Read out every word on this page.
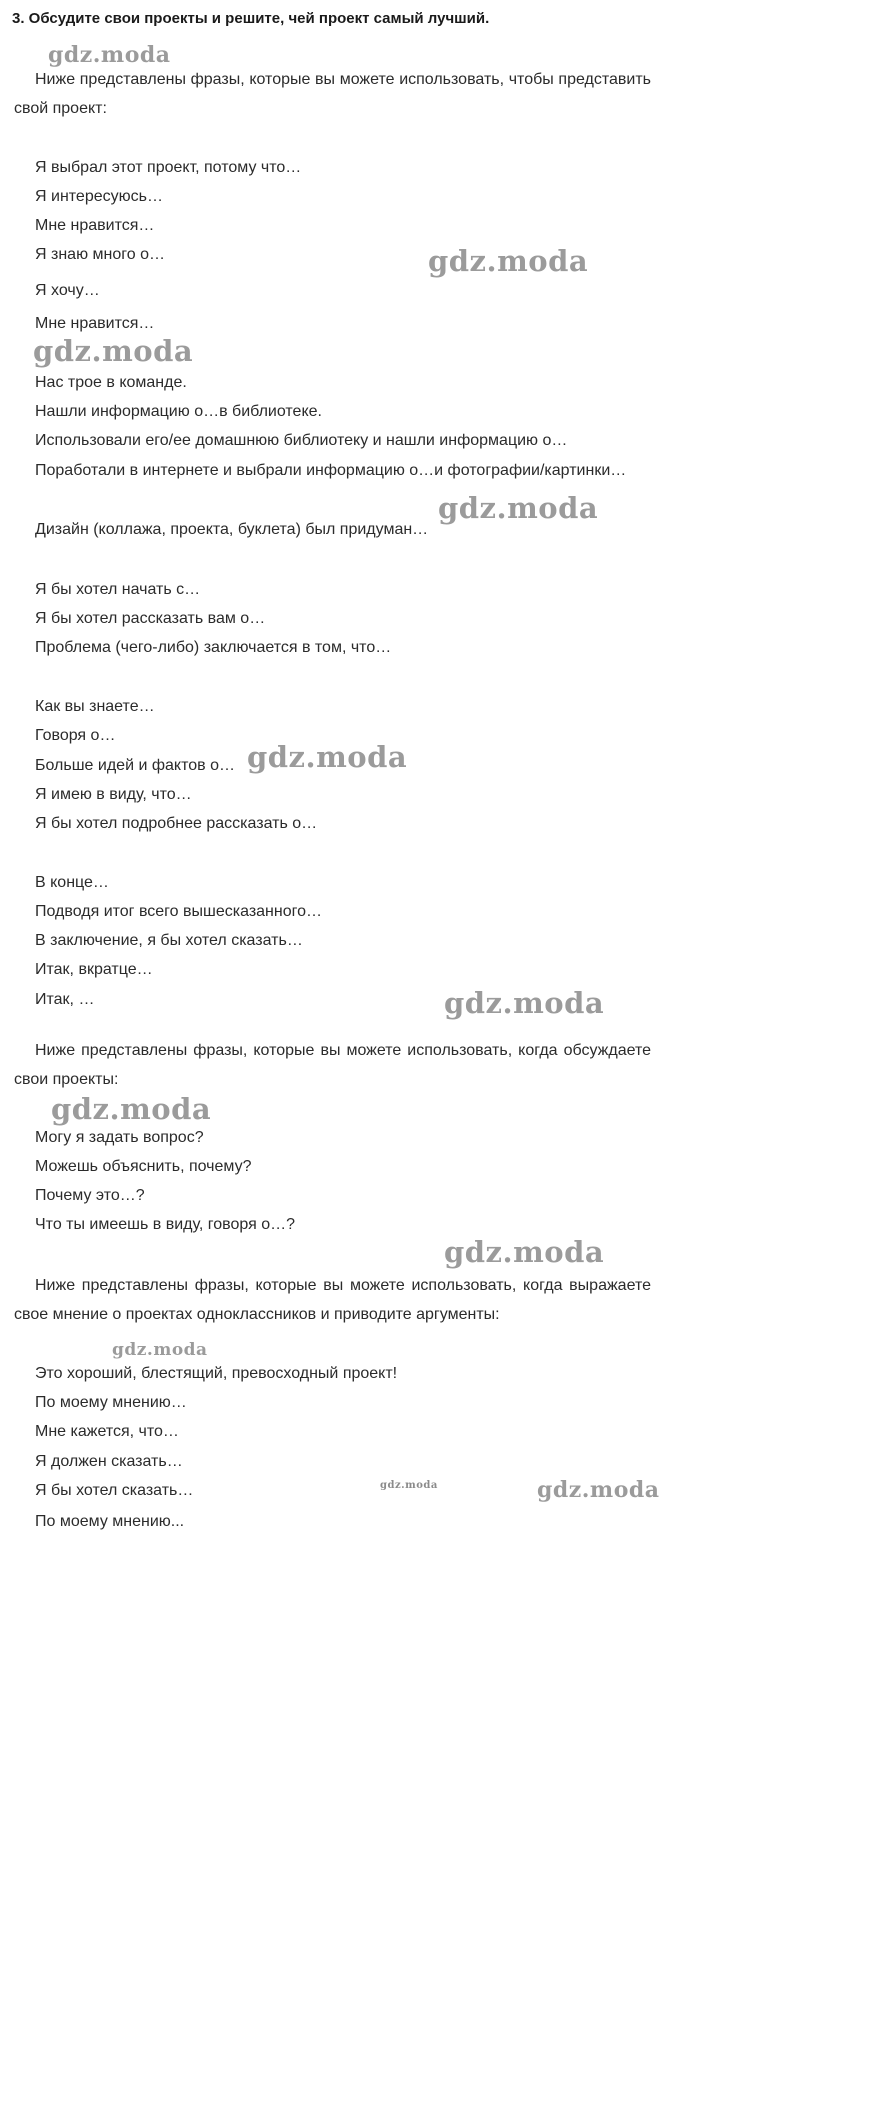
3. Обсудите свои проекты и решите, чей проект самый лучший.
gdz.moda
gdz.moda
gdz.moda
gdz.moda
gdz.moda
gdz.moda
gdz.moda
gdz.moda
gdz.moda
gdz.moda	gdz.moda
Ниже представлены фразы, которые вы можете использовать, чтобы представить свой проект:
Я выбрал этот проект, потому что…
Я интересуюсь…
Мне нравится…
Я знаю много о…
Я хочу…
Мне нравится…
Нас трое в команде.
Нашли информацию о…в библиотеке.
Использовали его/ее домашнюю библиотеку и нашли информацию о…
Поработали в интернете и выбрали информацию о…и фотографии/картинки…
Дизайн (коллажа, проекта, буклета) был придуман…
Я бы хотел начать с…
Я бы хотел рассказать вам о…
Проблема (чего-либо) заключается в том, что…
Как вы знаете…
Говоря о…
Больше идей и фактов о…
Я имею в виду, что…
Я бы хотел подробнее рассказать о…
В конце…
Подводя итог всего вышесказанного…
В заключение, я бы хотел сказать…
Итак, вкратце…
Итак, …
Ниже представлены фразы, которые вы можете использовать, когда обсуждаете свои проекты:
Могу я задать вопрос?
Можешь объяснить, почему?
Почему это…?
Что ты имеешь в виду, говоря о…?
Ниже представлены фразы, которые вы можете использовать, когда выражаете свое мнение о проектах одноклассников и приводите аргументы:
Это хороший, блестящий, превосходный проект!
По моему мнению…
Мне кажется, что…
Я должен сказать…
Я бы хотел сказать…
По моему мнению...
